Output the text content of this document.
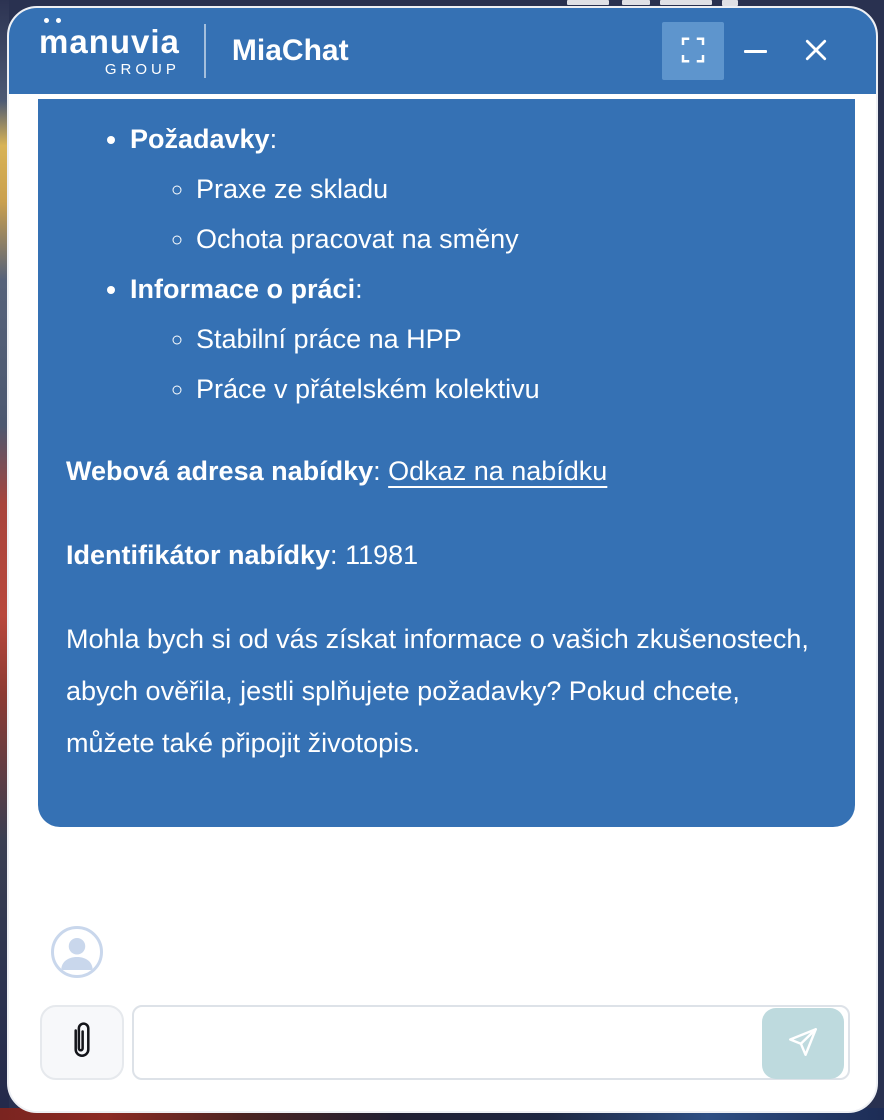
manuvia
GROUP
MiaChat
• Požadavky:
◦ Praxe ze skladu
◦ Ochota pracovat na směny
• Informace o práci:
◦ Stabilní práce na HPP
◦ Práce v přátelském kolektivu

Webová adresa nabídky: Odkaz na nabídku

Identifikátor nabídky: 11981

Mohla bych si od vás získat informace o vašich zkušenostech, abych ověřila, jestli splňujete požadavky? Pokud chcete, můžete také připojit životopis.
